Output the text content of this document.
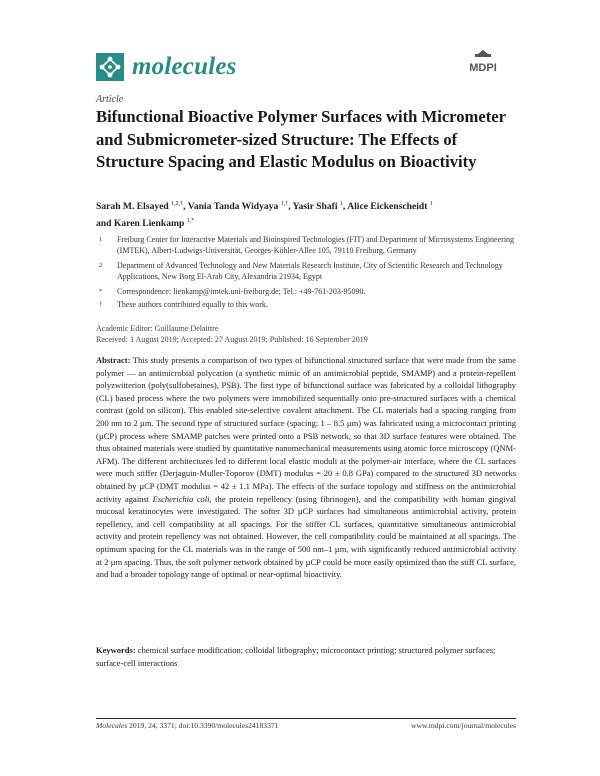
molecules	MDPI
Article
Bifunctional Bioactive Polymer Surfaces with Micrometer and Submicrometer-sized Structure: The Effects of Structure Spacing and Elastic Modulus on Bioactivity
Sarah M. Elsayed $^{1,2,\dagger}$, Vania Tanda Widyaya $^{1,\dagger}$, Yasir Shafi $^1$, Alice Eickenscheidt $^1$
and Karen Lienkamp $^{1,*}$
1	Freiburg Center for Interactive Materials and Bioinspired Technologies (FIT) and Department of Microsystems Engineering (IMTEK), Albert-Ludwigs-Universität, Georges-Köhler-Allee 105, 79110 Freiburg, Germany
2	Department of Advanced Technology and New Materials Research Institute, City of Scientific Research and Technology Applications, New Borg El-Arab City, Alexandria 21934, Egypt
*	Correspondence: lienkamp@imtek.uni-freiburg.de; Tel.: +49-761-203-95090.
†	These authors contributed equally to this work.
Academic Editor: Guillaume Delaittre
Received: 1 August 2019; Accepted: 27 August 2019; Published: 16 September 2019

Abstract: This study presents a comparison of two types of bifunctional structured surface that were made from the same polymer — an antimicrobial polycation (a synthetic mimic of an antimicrobial peptide, SMAMP) and a protein-repellent polyzwitterion (poly(sulfobetaines), PSB). The first type of bifunctional surface was fabricated by a colloidal lithography (CL) based process where the two polymers were immobilized sequentially onto pre-structured surfaces with a chemical contrast (gold on silicon). This enabled site-selective covalent attachment. The CL materials had a spacing ranging from 200 nm to 2 µm. The second type of structured surface (spacing: 1 – 8.5 µm) was fabricated using a microcontact printing (µCP) process where SMAMP patches were printed onto a PSB network, so that 3D surface features were obtained. The thus obtained materials were studied by quantitative nanomechanical measurements using atomic force microscopy (QNM-AFM). The different architectures led to different local elastic moduli at the polymer-air interface, where the CL surfaces were much stiffer (Derjaguin-Muller-Toporov (DMT) modulus = 20 ± 0.8 GPa) compared to the structured 3D networks obtained by µCP (DMT modulus = 42 ± 1.1 MPa). The effects of the surface topology and stiffness on the antimicrobial activity against Escherichia coli, the protein repellency (using fibrinogen), and the compatibility with human gingival mucosal keratinocytes were investigated. The softer 3D µCP surfaces had simultaneous antimicrobial activity, protein repellency, and cell compatibility at all spacings. For the stiffer CL surfaces, quantitative simultaneous antimicrobial activity and protein repellency was not obtained. However, the cell compatibility could be maintained at all spacings. The optimum spacing for the CL materials was in the range of 500 nm–1 µm, with significantly reduced antimicrobial activity at 2 µm spacing. Thus, the soft polymer network obtained by µCP could be more easily optimized than the stiff CL surface, and had a broader topology range of optimal or near-optimal bioactivity.

Keywords: chemical surface modification; colloidal lithography; microcontact printing; structured polymer surfaces; surface-cell interactions

Molecules 2019, 24, 3371; doi:10.3390/molecules24183371	www.mdpi.com/journal/molecules
